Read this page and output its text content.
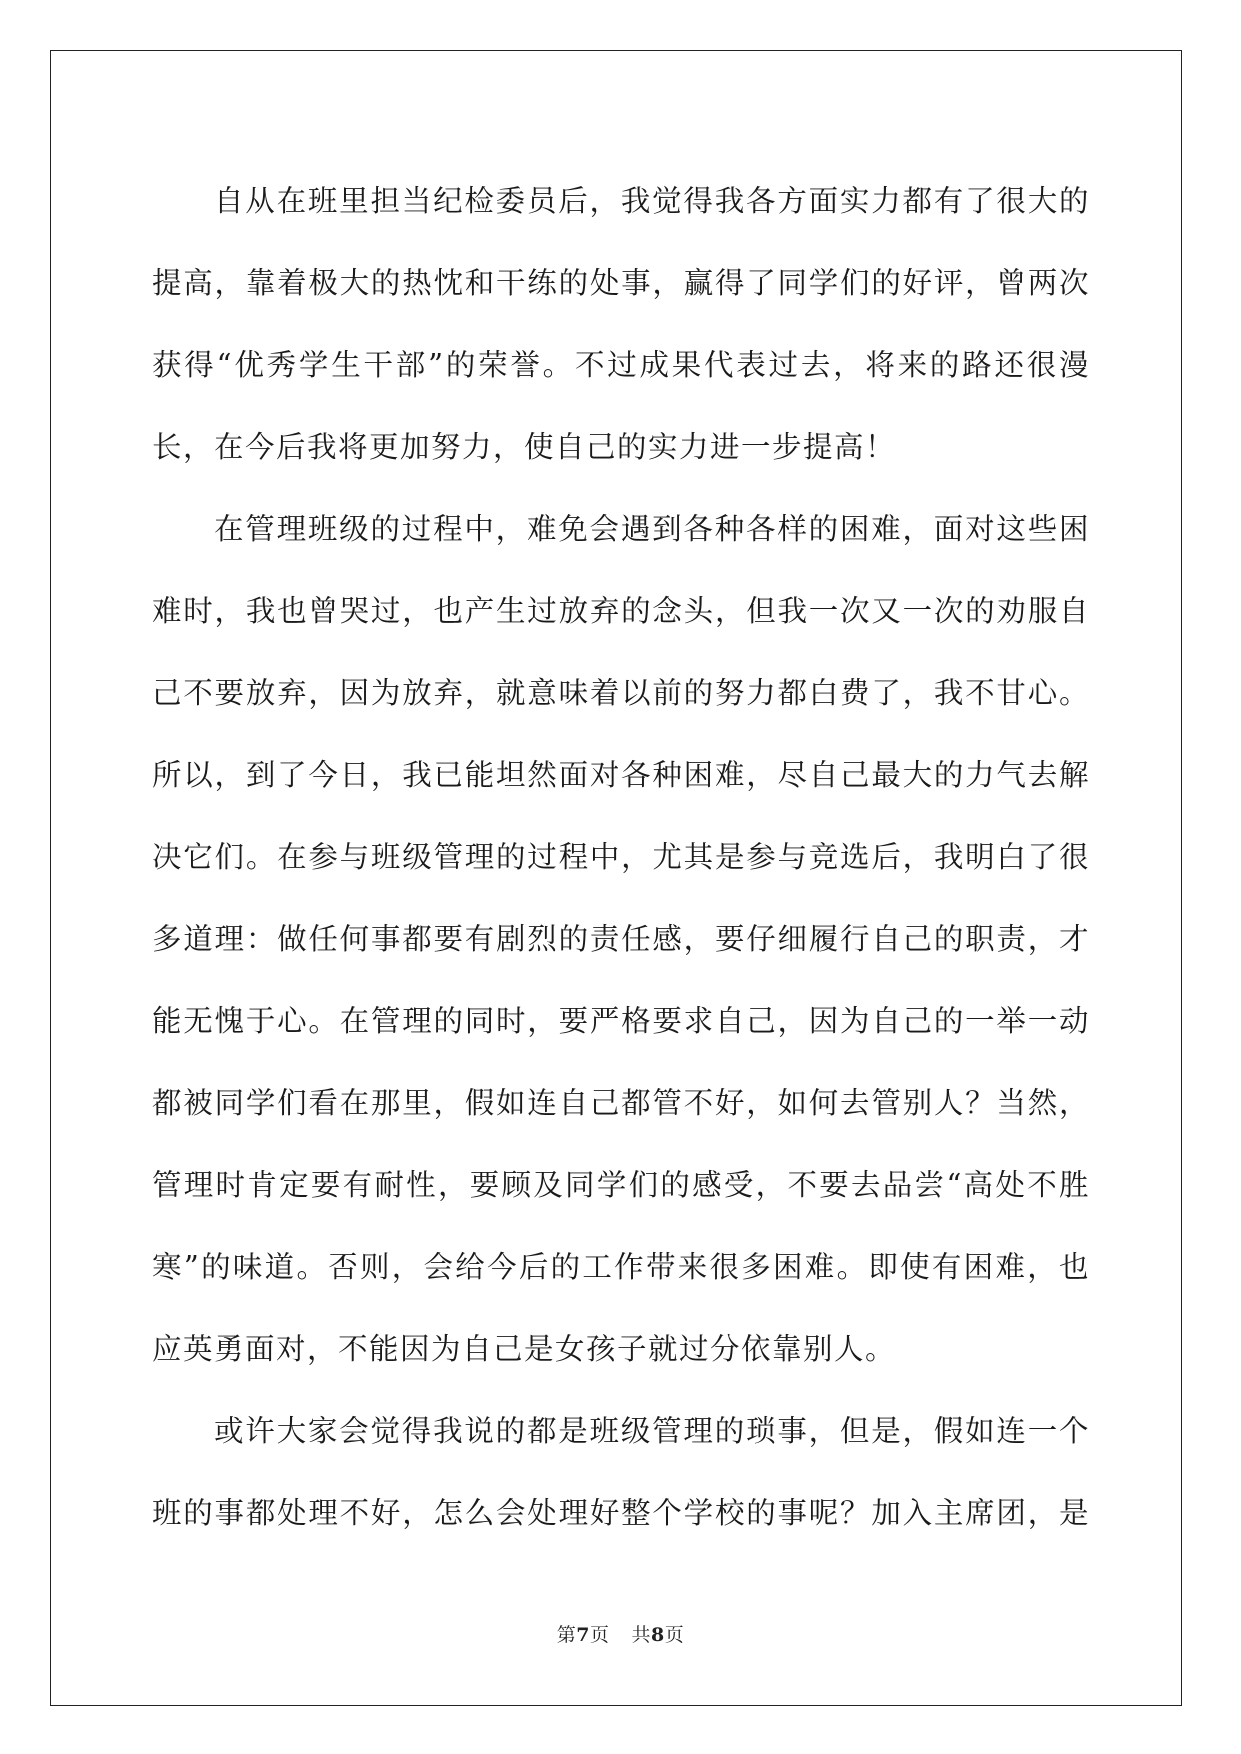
自从在班里担当纪检委员后，我觉得我各方面实力都有了很大的
提高，靠着极大的热忱和干练的处事，赢得了同学们的好评，曾两次
获得“优秀学生干部”的荣誉。不过成果代表过去，将来的路还很漫
长，在今后我将更加努力，使自己的实力进一步提高！
在管理班级的过程中，难免会遇到各种各样的困难，面对这些困
难时，我也曾哭过，也产生过放弃的念头，但我一次又一次的劝服自
己不要放弃，因为放弃，就意味着以前的努力都白费了，我不甘心。
所以，到了今日，我已能坦然面对各种困难，尽自己最大的力气去解
决它们。在参与班级管理的过程中，尤其是参与竞选后，我明白了很
多道理：做任何事都要有剧烈的责任感，要仔细履行自己的职责，才
能无愧于心。在管理的同时，要严格要求自己，因为自己的一举一动
都被同学们看在那里，假如连自己都管不好，如何去管别人？当然，
管理时肯定要有耐性，要顾及同学们的感受，不要去品尝“高处不胜
寒”的味道。否则，会给今后的工作带来很多困难。即使有困难，也
应英勇面对，不能因为自己是女孩子就过分依靠别人。
或许大家会觉得我说的都是班级管理的琐事，但是，假如连一个
班的事都处理不好，怎么会处理好整个学校的事呢？加入主席团，是
第7页 共8页
